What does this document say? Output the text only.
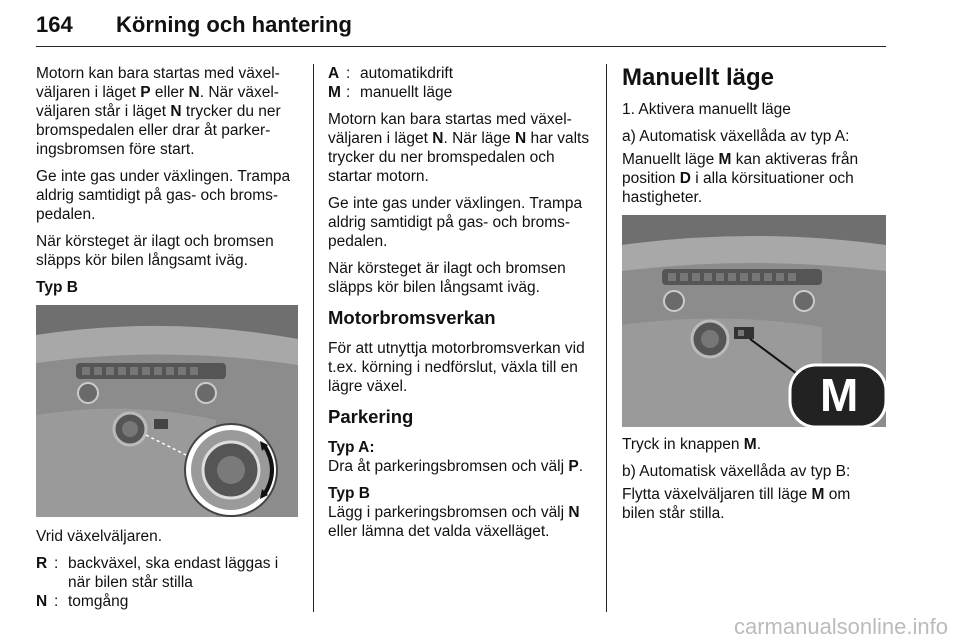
164 Körning och hantering

Motorn kan bara startas med växel-väljaren i läget P eller N. När växel-väljaren står i läget N trycker du ner bromspedalen eller drar åt parker-ingsbromsen före start.

Ge inte gas under växlingen. Trampa aldrig samtidigt på gas- och broms-pedalen.

När körsteget är ilagt och bromsen släpps kör bilen långsamt iväg.

Typ B

Vrid växelväljaren.

R : backväxel, ska endast läggas i när bilen står stilla
N : tomgång
A : automatikdrift
M : manuellt läge

Motorn kan bara startas med växel-väljaren i läget N. När läge N har valts trycker du ner bromspedalen och startar motorn.

Ge inte gas under växlingen. Trampa aldrig samtidigt på gas- och broms-pedalen.

När körsteget är ilagt och bromsen släpps kör bilen långsamt iväg.

Motorbromsverkan

För att utnyttja motorbromsverkan vid t.ex. körning i nedförslut, växla till en lägre växel.

Parkering

Typ A:

Dra åt parkeringsbromsen och välj P.

Typ B

Lägg i parkeringsbromsen och välj N eller lämna det valda växelläget.

Manuellt läge

1. Aktivera manuellt läge

a) Automatisk växellåda av typ A:

Manuellt läge M kan aktiveras från position D i alla körsituationer och hastigheter.

M

Tryck in knappen M.

b) Automatisk växellåda av typ B:

Flytta växelväljaren till läge M om bilen står stilla.

carmanualsonline.info
